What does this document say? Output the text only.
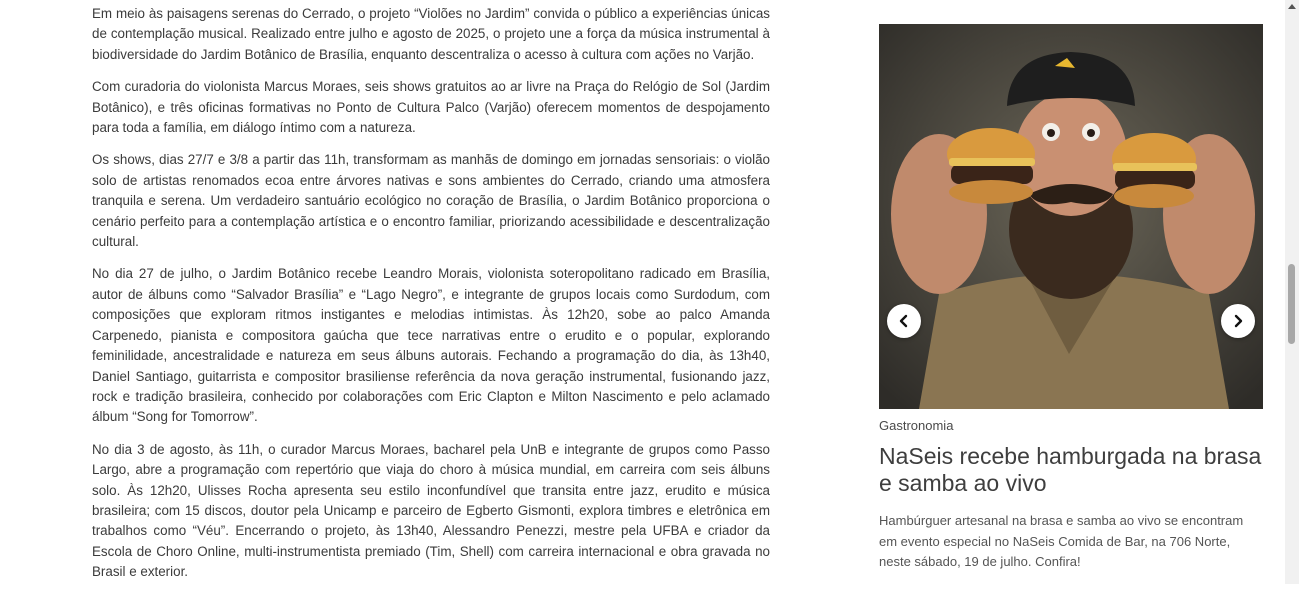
Em meio às paisagens serenas do Cerrado, o projeto “Violões no Jardim” convida o público a experiências únicas de contemplação musical. Realizado entre julho e agosto de 2025, o projeto une a força da música instrumental à biodiversidade do Jardim Botânico de Brasília, enquanto descentraliza o acesso à cultura com ações no Varjão.

Com curadoria do violonista Marcus Moraes, seis shows gratuitos ao ar livre na Praça do Relógio de Sol (Jardim Botânico), e três oficinas formativas no Ponto de Cultura Palco (Varjão) oferecem momentos de despojamento para toda a família, em diálogo íntimo com a natureza.

Os shows, dias 27/7 e 3/8 a partir das 11h, transformam as manhãs de domingo em jornadas sensoriais: o violão solo de artistas renomados ecoa entre árvores nativas e sons ambientes do Cerrado, criando uma atmosfera tranquila e serena. Um verdadeiro santuário ecológico no coração de Brasília, o Jardim Botânico proporciona o cenário perfeito para a contemplação artística e o encontro familiar, priorizando acessibilidade e descentralização cultural.

No dia 27 de julho, o Jardim Botânico recebe Leandro Morais, violonista soteropolitano radicado em Brasília, autor de álbuns como “Salvador Brasília” e “Lago Negro”, e integrante de grupos locais como Surdodum, com composições que exploram ritmos instigantes e melodias intimistas. Às 12h20, sobe ao palco Amanda Carpenedo, pianista e compositora gaúcha que tece narrativas entre o erudito e o popular, explorando feminilidade, ancestralidade e natureza em seus álbuns autorais. Fechando a programação do dia, às 13h40, Daniel Santiago, guitarrista e compositor brasiliense referência da nova geração instrumental, fusionando jazz, rock e tradição brasileira, conhecido por colaborações com Eric Clapton e Milton Nascimento e pelo aclamado álbum “Song for Tomorrow”.

No dia 3 de agosto, às 11h, o curador Marcus Moraes, bacharel pela UnB e integrante de grupos como Passo Largo, abre a programação com repertório que viaja do choro à música mundial, em carreira com seis álbuns solo. Às 12h20, Ulisses Rocha apresenta seu estilo inconfundível que transita entre jazz, erudito e música brasileira; com 15 discos, doutor pela Unicamp e parceiro de Egberto Gismonti, explora timbres e eletrônica em trabalhos como “Véu”. Encerrando o projeto, às 13h40, Alessandro Penezzi, mestre pela UFBA e criador da Escola de Choro Online, multi-instrumentista premiado (Tim, Shell) com carreira internacional e obra gravada no Brasil e exterior.

Gastronomia
NaSeis recebe hamburgada na brasa e samba ao vivo
Hambúrguer artesanal na brasa e samba ao vivo se encontram em evento especial no NaSeis Comida de Bar, na 706 Norte, neste sábado, 19 de julho. Confira!
